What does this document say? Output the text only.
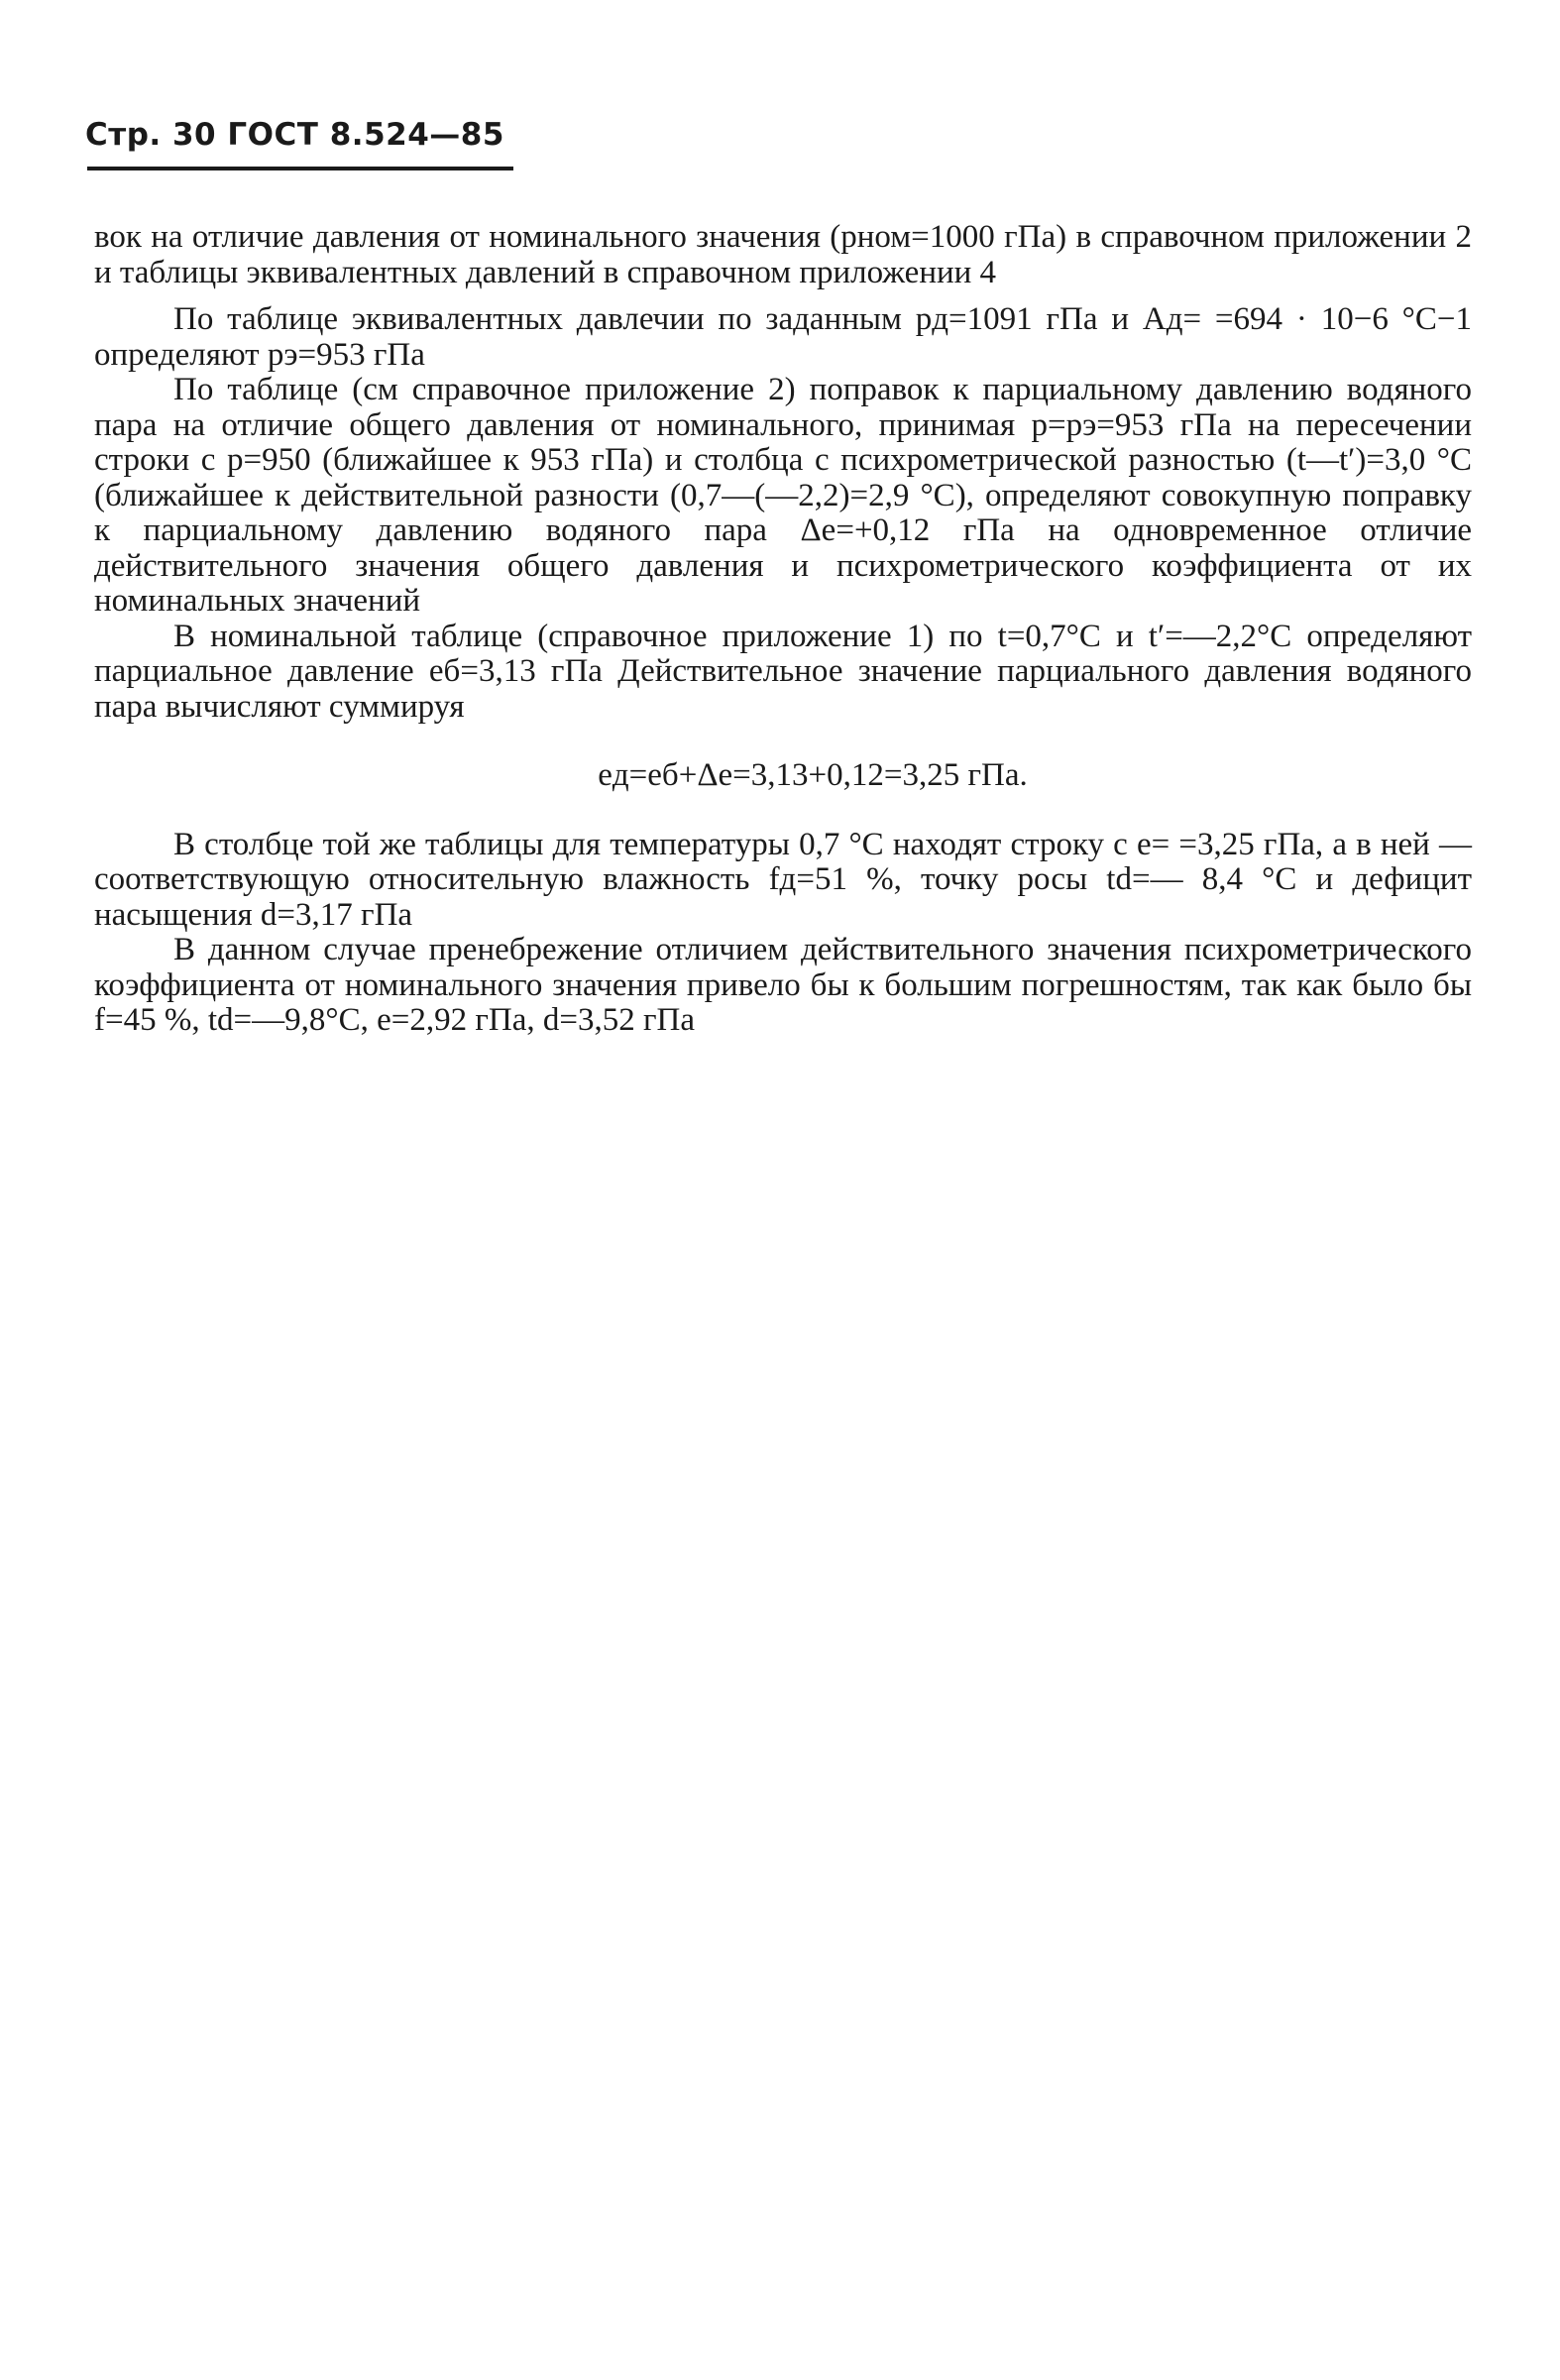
Стр. 30 ГОСТ 8.524—85

вок на отличие давления от номинального значения (pном=1000 гПа) в справочном приложении 2 и таблицы эквивалентных давлений в справочном приложении 4

По таблице эквивалентных давлечии по заданным pд=1091 гПа и Aд= =694 · 10−6 °C−1 определяют pэ=953 гПа

По таблице (см справочное приложение 2) поправок к парциальному давлению водяного пара на отличие общего давления от номинального, принимая p=pэ=953 гПа на пересечении строки с p=950 (ближайшее к 953 гПа) и столбца с психрометрической разностью (t—t′)=3,0 °C (ближайшее к действительной разности (0,7—(—2,2)=2,9 °C), определяют совокупную поправку к парциальному давлению водяного пара Δe=+0,12 гПа на одновременное отличие действительного значения общего давления и психрометрического коэффициента от их номинальных значений

В номинальной таблице (справочное приложение 1) по t=0,7°C и t′=—2,2°C определяют парциальное давление eб=3,13 гПа Действительное значение парциального давления водяного пара вычисляют суммируя

eд=eб+Δe=3,13+0,12=3,25 гПа.

В столбце той же таблицы для температуры 0,7 °C находят строку с e= =3,25 гПа, а в ней — соответствующую относительную влажность fд=51 %, точку росы td=— 8,4 °C и дефицит насыщения d=3,17 гПа

В данном случае пренебрежение отличием действительного значения психрометрического коэффициента от номинального значения привело бы к большим погрешностям, так как было бы f=45 %, td=—9,8°C, e=2,92 гПа, d=3,52 гПа
